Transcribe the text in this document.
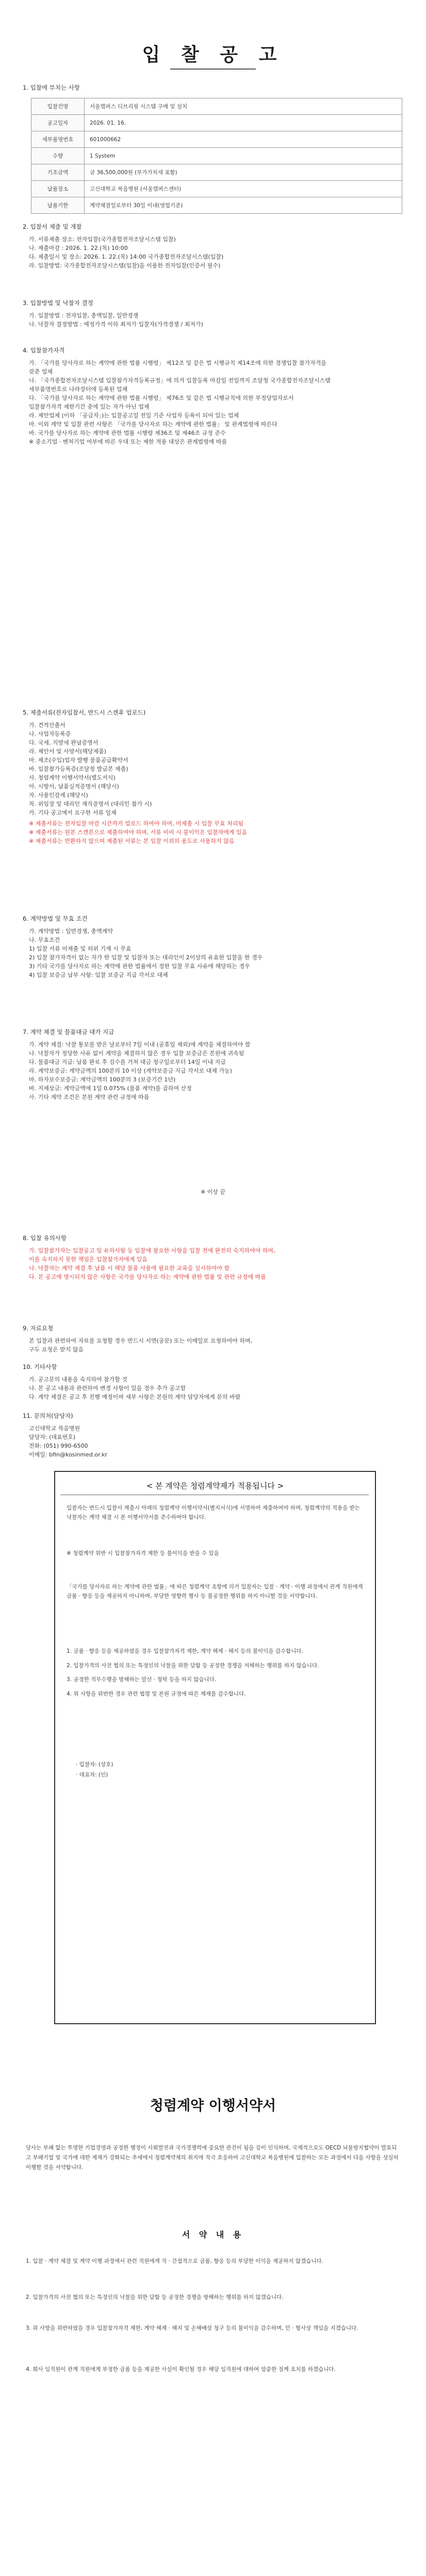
입 찰 공 고
1. 입찰에 부치는 사항
입찰건명	서울캠퍼스 디브리핑 시스템 구매 및 설치
공고일자	2026. 01. 16.
세부품명번호	601000662
수량	1 System
기초금액	금 36,500,000원 (부가가치세 포함)
납품장소	고신대학교 복음병원 (서울캠퍼스센터)
납품기한	계약체결일로부터 30일 이내(영업기준)
2. 입찰서 제출 및 개찰
가. 서류제출 장소: 전자입찰(국가종합전자조달시스템 입찰)
나. 제출마감 : 2026. 1. 22.(목) 10:00
다. 제출일시 및 장소: 2026. 1. 22.(목) 14:00 국가종합전자조달시스템(입찰)
라. 입찰방법: 국가종합전자조달시스템(입찰)을 이용한 전자입찰(인증서 필수)
3. 입찰방법 및 낙찰자 결정
가. 입찰방법 : 전자입찰, 총액입찰, 일반경쟁
나. 낙찰자 결정방법 : 예정가격 이하 최저가 입찰자(가격경쟁 / 최저가)
4. 입찰참가자격
가. 「국가를 당사자로 하는 계약에 관한 법률 시행령」 제12조 및 같은 법 시행규칙 제14조에 의한 경쟁입찰 참가자격을
갖춘 업체
나. 「국가종합전자조달시스템 입찰참가자격등록규정」에 의거 입찰등록 마감일 전일까지 조달청 국가종합전자조달시스템
세부품명번호로 나라장터에 등록된 업체
다. 「국가를 당사자로 하는 계약에 관한 법률 시행령」 제76조 및 같은 법 시행규칙에 의한 부정당업자로서
입찰참가자격 제한기간 중에 있는 자가 아닌 업체
라. 제안업체 (이하 「공급자」)는 입찰공고일 전일 기준 사업자 등록이 되어 있는 업체
마. 이외 계약 및 입찰 관련 사항은 「국가를 당사자로 하는 계약에 관한 법률」 및 관계법령에 따른다
바. 국가를 당사자로 하는 계약에 관한 법률 시행령 제36조 및 제46조 규정 준수
※ 중소기업 · 벤처기업 여부에 따른 우대 또는 제한 적용 대상은 관계법령에 따름
5. 제출서류(전자입찰서, 반드시 스캔후 업로드)
가. 견적산출서
나. 사업자등록증
다. 국세, 지방세 완납증명서
라. 제안서 및 사양서(해당제품)
마. 제조(수입)업자 발행 물품공급확약서
바. 입찰참가등록증(조달청 발급본 제출)
사. 청렴계약 이행서약서(별도서식)
아. 시방서, 납품실적증명서 (해당시)
자. 사용인감계 (해당시)
차. 위임장 및 대리인 재직증명서 (대리인 참가 시)
카. 기타 공고에서 요구한 서류 일체
※ 제출서류는 전자입찰 마감 시간까지 업로드 하여야 하며, 미제출 시 입찰 무효 처리됨
※ 제출서류는 원본 스캔본으로 제출하여야 하며, 서류 미비 시 불이익은 입찰자에게 있음
※ 제출서류는 반환하지 않으며 제출된 서류는 본 입찰 이외의 용도로 사용하지 않음
6. 계약방법 및 무효 조건
가. 계약방법 : 일반경쟁, 총액계약
나. 무효조건
1) 입찰 서류 미제출 및 허위 기재 시 무효
2) 입찰 참가자격이 없는 자가 한 입찰 및 입찰자 또는 대리인이 2이상의 유효한 입찰을 한 경우
3) 기타 국가를 당사자로 하는 계약에 관한 법률에서 정한 입찰 무효 사유에 해당하는 경우
4) 입찰 보증금 납부 사항: 입찰 보증금 지급 각서로 대체
7. 계약 체결 및 물품대금 대가 지급
가. 계약 체결: 낙찰 통보를 받은 날로부터 7일 이내 (공휴일 제외)에 계약을 체결하여야 함
나. 낙찰자가 정당한 사유 없이 계약을 체결하지 않은 경우 입찰 보증금은 본원에 귀속됨
다. 물품대금 지급: 납품 완료 후 검수를 거쳐 대금 청구일로부터 14일 이내 지급
라. 계약보증금: 계약금액의 100분의 10 이상 (계약보증금 지급 각서로 대체 가능)
마. 하자보수보증금: 계약금액의 100분의 3 (보증기간 1년)
바. 지체상금: 계약금액에 1일 0.075% (물품 계약)를 곱하여 산정
사. 기타 계약 조건은 본원 계약 관련 규정에 따름
※ 이상 끝
8. 입찰 유의사항
가. 입찰참가자는 입찰공고 및 유의사항 등 입찰에 필요한 사항을 입찰 전에 완전히 숙지하여야 하며,
이를 숙지하지 못한 책임은 입찰참가자에게 있음
나. 낙찰자는 계약 체결 후 납품 시 해당 물품 사용에 필요한 교육을 실시하여야 함
다. 본 공고에 명시되지 않은 사항은 국가를 당사자로 하는 계약에 관한 법률 및 관련 규정에 따름
9. 자료요청
본 입찰과 관련하여 자료를 요청할 경우 반드시 서면(공문) 또는 이메일로 요청하여야 하며,
구두 요청은 받지 않음
10. 기타사항
가. 공고문의 내용을 숙지하여 참가할 것
나. 본 공고 내용과 관련하여 변경 사항이 있을 경우 추가 공고함
다. 계약 체결은 공고 후 진행 예정이며 세부 사항은 본원의 계약 담당자에게 문의 바람
11. 문의처(담당자)
고신대학교 복음병원
담당자: (대표번호)
전화: (051) 990-6500
이메일: bfin@kosinmed.or.kr
< 본 계약은 청렴계약제가 적용됩니다 >
입찰자는 반드시 입찰서 제출시 아래의 청렴계약 이행서약서(별지서식)에 서명하여 제출하여야 하며, 청렴계약의 적용을 받는 낙찰자는 계약 체결 시 본 이행서약서를 준수하여야 합니다.
※ 청렴계약 위반 시 입찰참가자격 제한 등 불이익을 받을 수 있음
「국가를 당사자로 하는 계약에 관한 법률」에 따른 청렴계약 조항에 의거 입찰자는 입찰 · 계약 · 이행 과정에서 관계 직원에게 금품 · 향응 등을 제공하지 아니하며, 부당한 영향력 행사 등 불공정한 행위를 하지 아니할 것을 서약합니다.
1. 금품 · 향응 등을 제공하였을 경우 입찰참가자격 제한, 계약 해제 · 해지 등의 불이익을 감수합니다.
2. 입찰가격의 사전 협의 또는 특정인의 낙찰을 위한 담합 등 공정한 경쟁을 저해하는 행위를 하지 않습니다.
3. 공정한 직무수행을 방해하는 알선 · 청탁 등을 하지 않습니다.
4. 위 사항을 위반한 경우 관련 법령 및 본원 규정에 따른 제재를 감수합니다.
· 입찰자: (상호)
· 대표자: (인)
청렴계약 이행서약서
당사는 부패 없는 투명한 기업경영과 공정한 행정이 사회발전과 국가경쟁력에 중요한 관건이 됨을 깊이 인식하며, 국제적으로도 OECD 뇌물방지협약이 발효되고 부패기업 및 국가에 대한 제재가 강화되는 추세에서 청렴계약제의 취지에 적극 호응하여 고신대학교 복음병원에 입찰하는 모든 과정에서 다음 사항을 성실히 이행할 것을 서약합니다.
서 약 내 용
1. 입찰 · 계약 체결 및 계약 이행 과정에서 관련 직원에게 직 · 간접적으로 금품, 향응 등의 부당한 이익을 제공하지 않겠습니다.
2. 입찰가격의 사전 협의 또는 특정인의 낙찰을 위한 담합 등 공정한 경쟁을 방해하는 행위를 하지 않겠습니다.
3. 위 사항을 위반하였을 경우 입찰참가자격 제한, 계약 해제 · 해지 및 손해배상 청구 등의 불이익을 감수하며, 민 · 형사상 책임을 지겠습니다.
4. 회사 임직원이 관계 직원에게 부정한 금품 등을 제공한 사실이 확인될 경우 해당 임직원에 대하여 엄중한 징계 조치를 하겠습니다.
